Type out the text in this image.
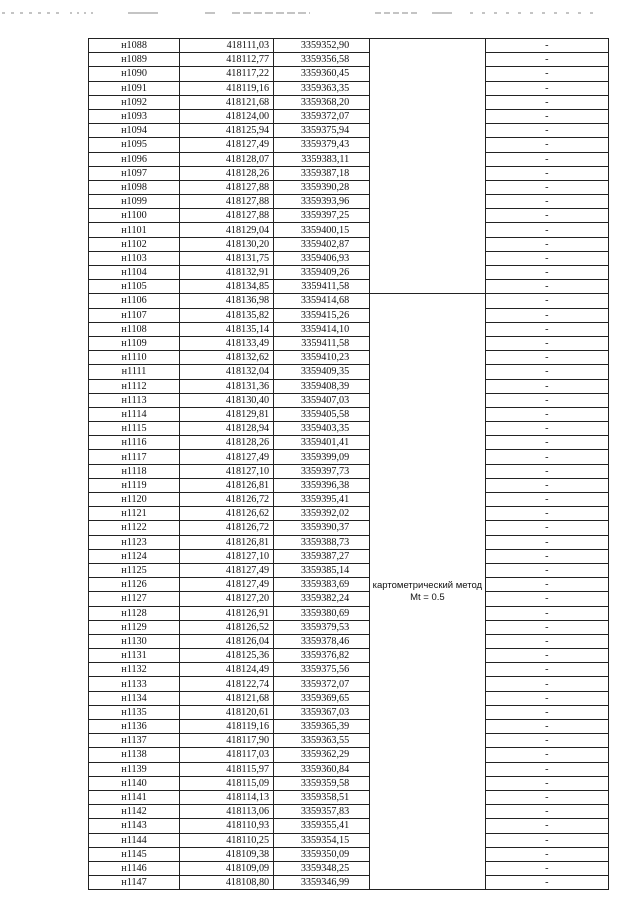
н1088	418111,03	3359352,90		-
н1089	418112,77	3359356,58		-
н1090	418117,22	3359360,45		-
н1091	418119,16	3359363,35		-
н1092	418121,68	3359368,20		-
н1093	418124,00	3359372,07		-
н1094	418125,94	3359375,94		-
н1095	418127,49	3359379,43		-
н1096	418128,07	3359383,11		-
н1097	418128,26	3359387,18		-
н1098	418127,88	3359390,28		-
н1099	418127,88	3359393,96		-
н1100	418127,88	3359397,25		-
н1101	418129,04	3359400,15		-
н1102	418130,20	3359402,87		-
н1103	418131,75	3359406,93		-
н1104	418132,91	3359409,26		-
н1105	418134,85	3359411,58		-
н1106	418136,98	3359414,68	картометрический метод Mt = 0.5	-
н1107	418135,82	3359415,26		-
н1108	418135,14	3359414,10		-
н1109	418133,49	3359411,58		-
н1110	418132,62	3359410,23		-
н1111	418132,04	3359409,35		-
н1112	418131,36	3359408,39		-
н1113	418130,40	3359407,03		-
н1114	418129,81	3359405,58		-
н1115	418128,94	3359403,35		-
н1116	418128,26	3359401,41		-
н1117	418127,49	3359399,09		-
н1118	418127,10	3359397,73		-
н1119	418126,81	3359396,38		-
н1120	418126,72	3359395,41		-
н1121	418126,62	3359392,02		-
н1122	418126,72	3359390,37		-
н1123	418126,81	3359388,73		-
н1124	418127,10	3359387,27		-
н1125	418127,49	3359385,14		-
н1126	418127,49	3359383,69		-
н1127	418127,20	3359382,24		-
н1128	418126,91	3359380,69		-
н1129	418126,52	3359379,53		-
н1130	418126,04	3359378,46		-
н1131	418125,36	3359376,82		-
н1132	418124,49	3359375,56		-
н1133	418122,74	3359372,07		-
н1134	418121,68	3359369,65		-
н1135	418120,61	3359367,03		-
н1136	418119,16	3359365,39		-
н1137	418117,90	3359363,55		-
н1138	418117,03	3359362,29		-
н1139	418115,97	3359360,84		-
н1140	418115,09	3359359,58		-
н1141	418114,13	3359358,51		-
н1142	418113,06	3359357,83		-
н1143	418110,93	3359355,41		-
н1144	418110,25	3359354,15		-
н1145	418109,38	3359350,09		-
н1146	418109,09	3359348,25		-
н1147	418108,80	3359346,99		-
